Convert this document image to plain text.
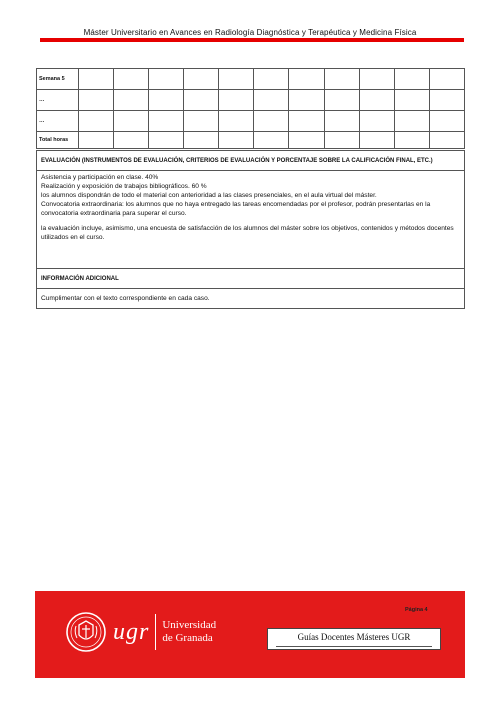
Máster Universitario en Avances en Radiología Diagnóstica y Terapéutica y Medicina Física
Semana 5											
…											
…											
Total horas											
EVALUACIÓN (INSTRUMENTOS DE EVALUACIÓN, CRITERIOS DE EVALUACIÓN Y PORCENTAJE SOBRE LA CALIFICACIÓN FINAL, ETC.)

Asistencia y participación en clase. 40%

Realización y exposición de trabajos bibliográficos. 60 %

los alumnos dispondrán de todo el material con anterioridad a las clases presenciales, en el aula virtual del máster.

Convocatoria extraordinaria: los alumnos que no haya entregado las tareas encomendadas por el profesor, podrán presentarlas en la convocatoria extraordinaria para superar el curso.

la evaluación incluye, asimismo, una encuesta de satisfacción de los alumnos del máster sobre los objetivos, contenidos y métodos docentes utilizados en el curso.

INFORMACIÓN ADICIONAL
Cumplimentar con el texto correspondiente en cada caso.
Página 4
ugr Universidad
de Granada	Guías Docentes Másteres UGR
